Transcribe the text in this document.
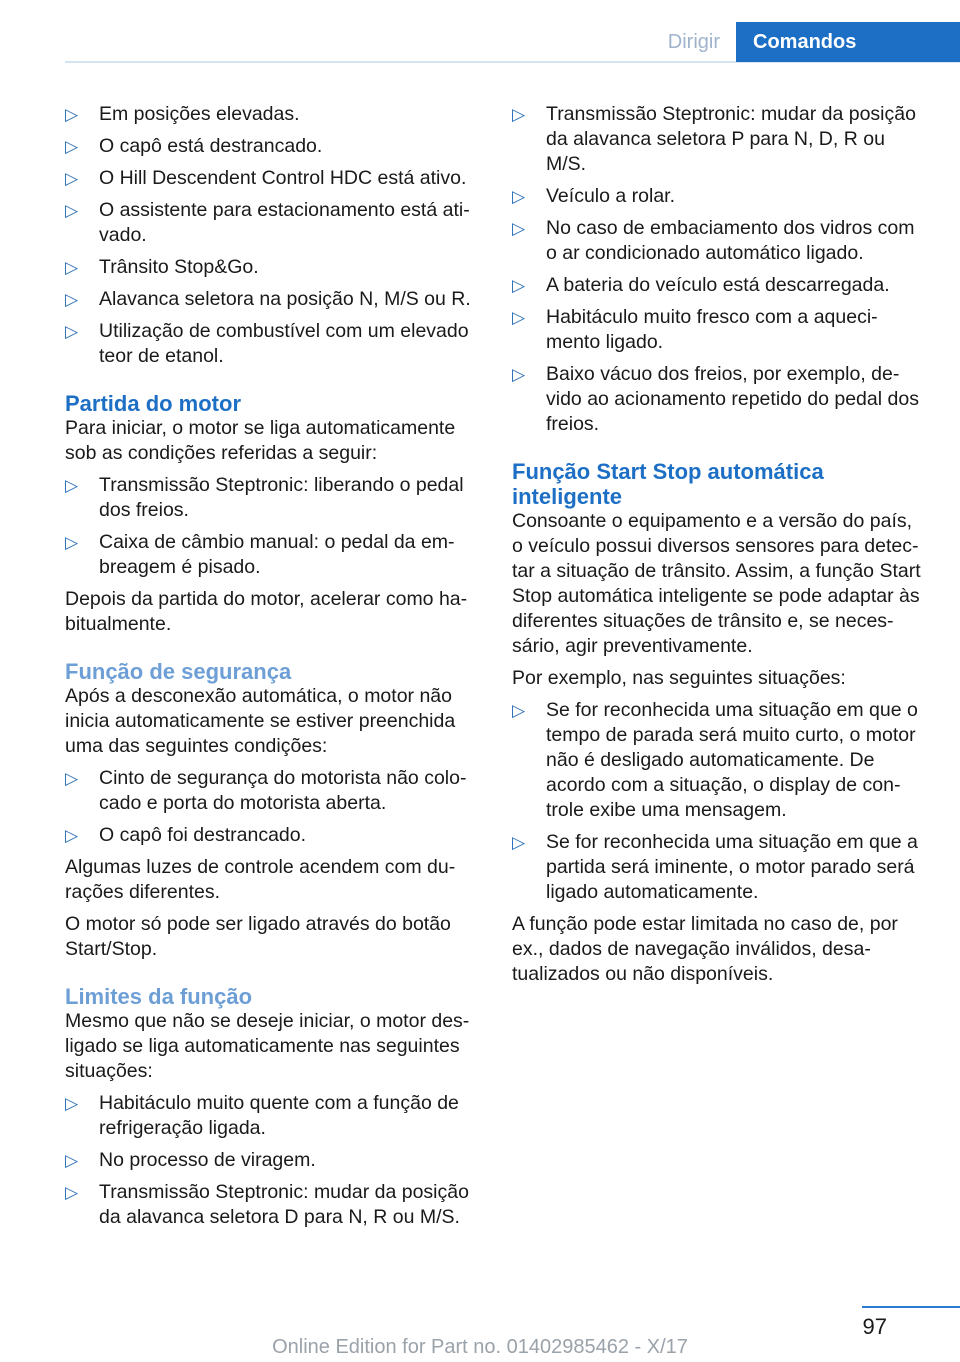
Dirigir	Comandos
▷ Em posições elevadas.
▷ O capô está destrancado.
▷ O Hill Descendent Control HDC está ativo.
▷ O assistente para estacionamento está ati‐ vado.
▷ Trânsito Stop&Go.
▷ Alavanca seletora na posição N, M/S ou R.
▷ Utilização de combustível com um elevado teor de etanol.
Partida do motor

Para iniciar, o motor se liga automaticamente sob as condições referidas a seguir:

▷ Transmissão Steptronic: liberando o pedal dos freios.
▷ Caixa de câmbio manual: o pedal da em‐ breagem é pisado.

Depois da partida do motor, acelerar como ha‐ bitualmente.

Função de segurança

Após a desconexão automática, o motor não inicia automaticamente se estiver preenchida uma das seguintes condições:

▷ Cinto de segurança do motorista não colo‐ cado e porta do motorista aberta.
▷ O capô foi destrancado.

Algumas luzes de controle acendem com du‐ rações diferentes.

O motor só pode ser ligado através do botão Start/Stop.

Limites da função

Mesmo que não se deseje iniciar, o motor des‐ ligado se liga automaticamente nas seguintes situações:

▷ Habitáculo muito quente com a função de refrigeração ligada.
▷ No processo de viragem.
▷ Transmissão Steptronic: mudar da posição da alavanca seletora D para N, R ou M/S.
▷ Transmissão Steptronic: mudar da posição da alavanca seletora P para N, D, R ou M/S.
▷ Veículo a rolar.
▷ No caso de embaciamento dos vidros com o ar condicionado automático ligado.
▷ A bateria do veículo está descarregada.
▷ Habitáculo muito fresco com a aqueci‐ mento ligado.
▷ Baixo vácuo dos freios, por exemplo, de‐ vido ao acionamento repetido do pedal dos freios.
Função Start Stop automática inteligente

Consoante o equipamento e a versão do país, o veículo possui diversos sensores para detec‐ tar a situação de trânsito. Assim, a função Start Stop automática inteligente se pode adaptar às diferentes situações de trânsito e, se neces‐ sário, agir preventivamente.

Por exemplo, nas seguintes situações:

▷ Se for reconhecida uma situação em que o tempo de parada será muito curto, o motor não é desligado automaticamente. De acordo com a situação, o display de con‐ trole exibe uma mensagem.
▷ Se for reconhecida uma situação em que a partida será iminente, o motor parado será ligado automaticamente.

A função pode estar limitada no caso de, por ex., dados de navegação inválidos, desa‐ tualizados ou não disponíveis.

97
Online Edition for Part no. 01402985462 - X/17
